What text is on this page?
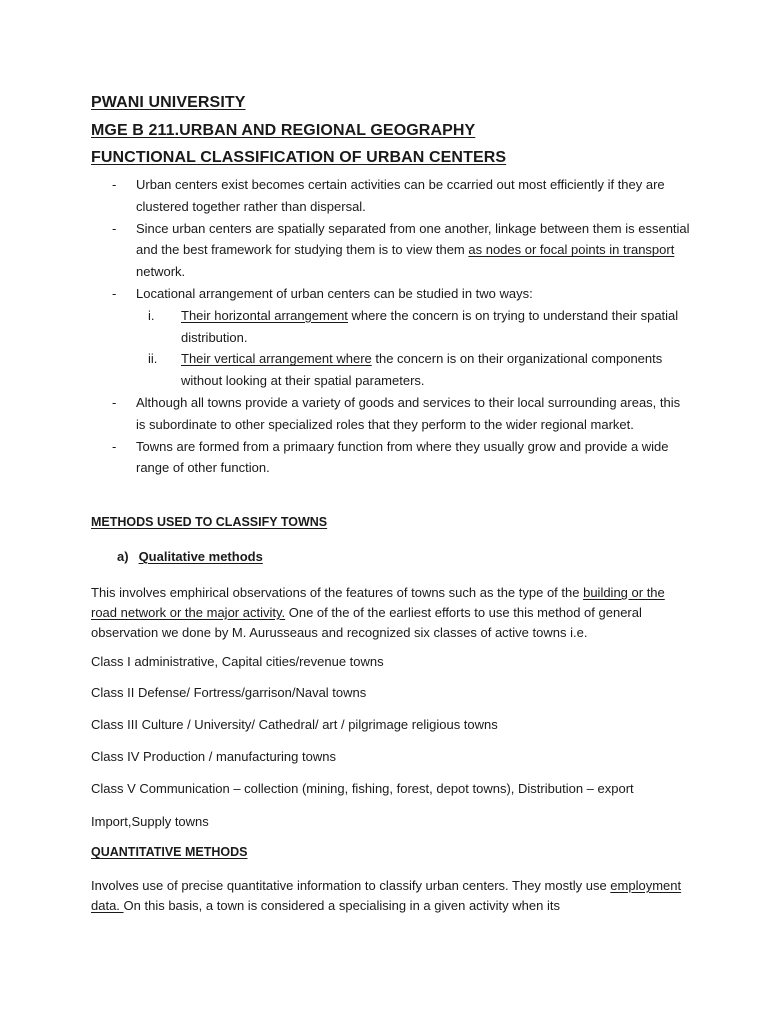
PWANI UNIVERSITY
MGE B 211.URBAN AND REGIONAL GEOGRAPHY
FUNCTIONAL CLASSIFICATION OF URBAN CENTERS
- Urban centers exist becomes certain activities can be ccarried out most efficiently if they are clustered together rather than dispersal.
- Since urban centers are spatially separated from one another, linkage between them is essential and the best framework for studying them is to view them as nodes or focal points in transport network.
- Locational arrangement of urban centers can be studied in two ways:
i. Their horizontal arrangement where the concern is on trying to understand their spatial distribution.
ii. Their vertical arrangement where the concern is on their organizational components without looking at their spatial parameters.
- Although all towns provide a variety of goods and services to their local surrounding areas, this is subordinate to other specialized roles that they perform to the wider regional market.
- Towns are formed from a primaary function from where they usually grow and provide a wide range of other function.
METHODS USED TO CLASSIFY TOWNS
a) Qualitative methods
This involves emphirical observations of the features of towns such as the type of the building or the road network or the major activity. One of the of the earliest efforts to use this method of general observation we done by M. Aurusseaus and recognized six classes of active towns i.e.
Class I administrative, Capital cities/revenue towns
Class II Defense/ Fortress/garrison/Naval towns
Class III Culture / University/ Cathedral/ art / pilgrimage religious towns
Class IV Production / manufacturing towns
Class V Communication – collection (mining, fishing, forest, depot towns), Distribution – export
Import,Supply towns
QUANTITATIVE METHODS
Involves use of precise quantitative information to classify urban centers. They mostly use employment data. On this basis, a town is considered a specialising in a given activity when its
